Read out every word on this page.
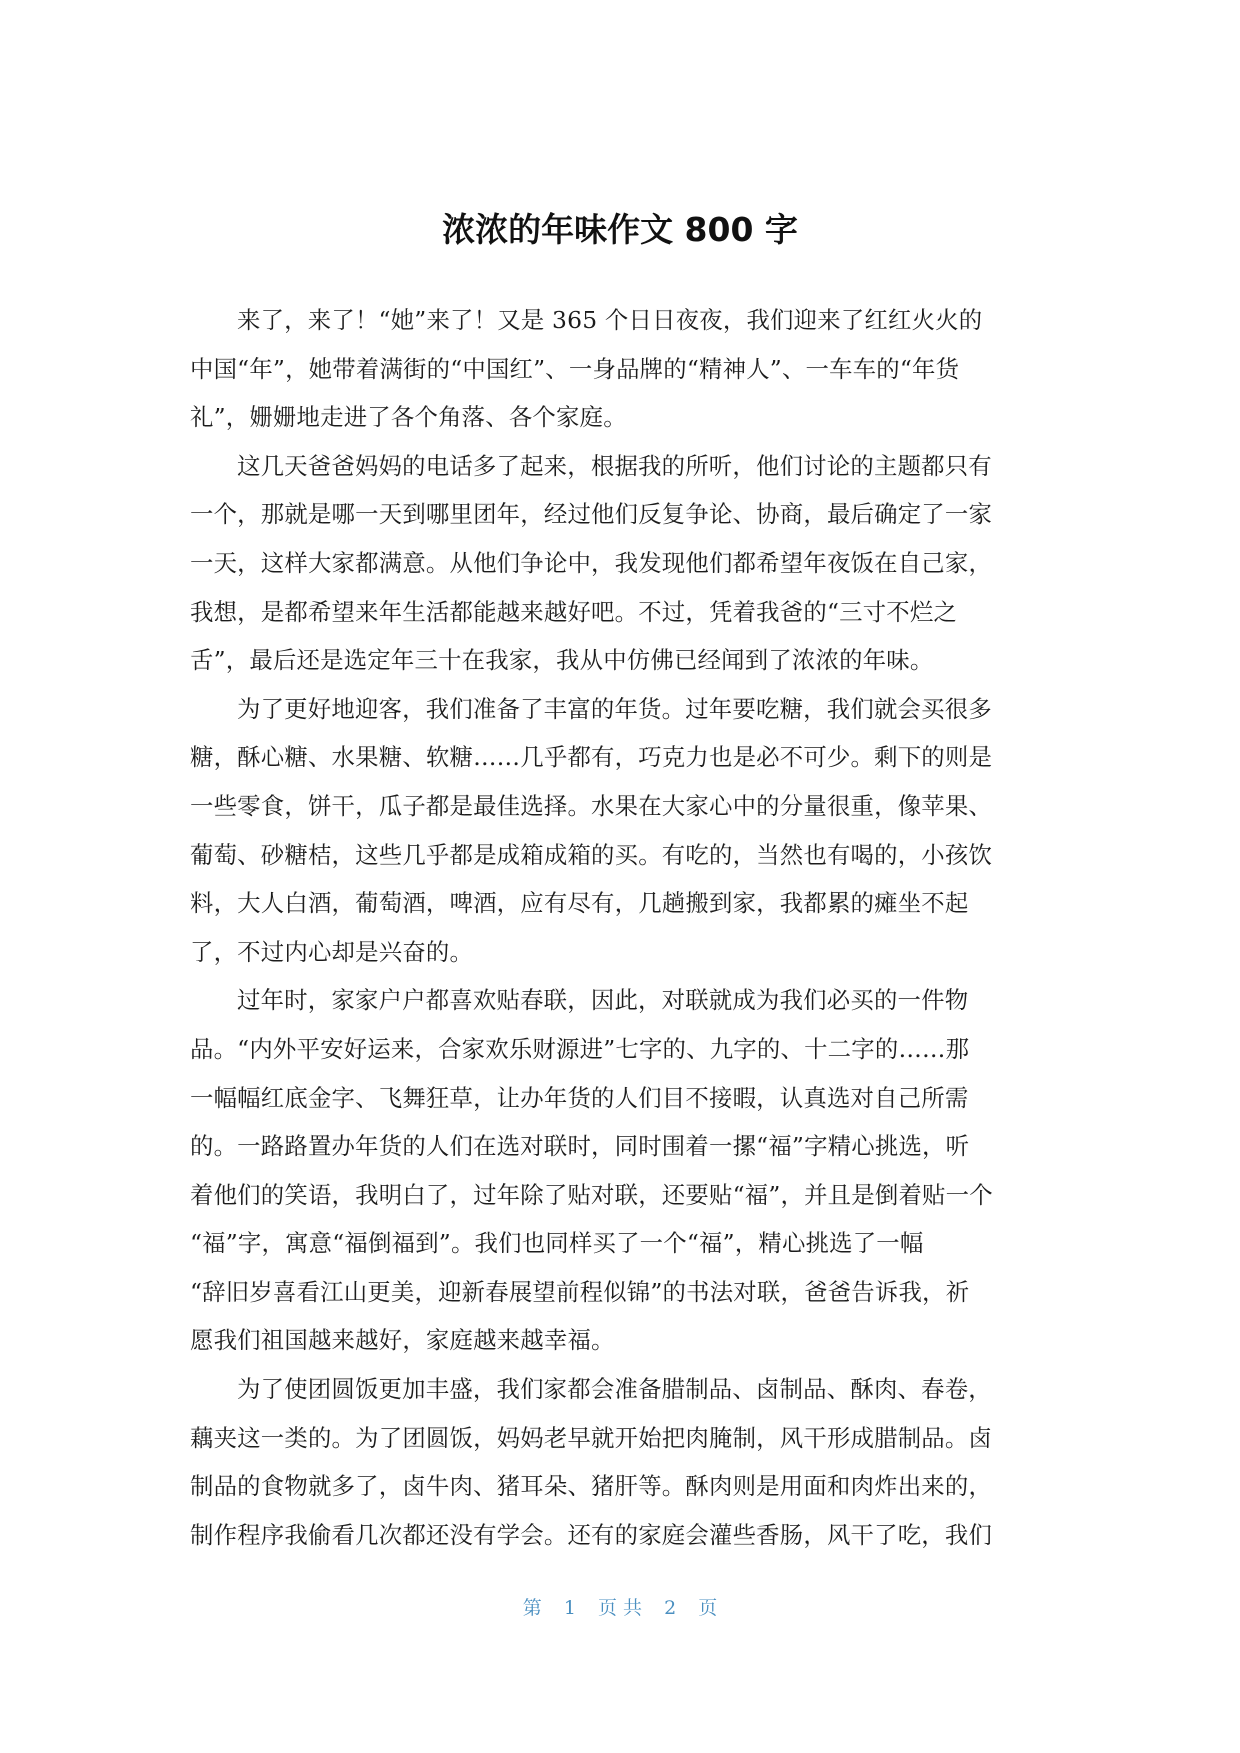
浓浓的年味作文 800 字

来了，来了！“她”来了！又是 365 个日日夜夜，我们迎来了红红火火的
中国“年”，她带着满街的“中国红”、一身品牌的“精神人”、一车车的“年货
礼”，姗姗地走进了各个角落、各个家庭。

这几天爸爸妈妈的电话多了起来，根据我的所听，他们讨论的主题都只有
一个，那就是哪一天到哪里团年，经过他们反复争论、协商，最后确定了一家
一天，这样大家都满意。从他们争论中，我发现他们都希望年夜饭在自己家，
我想，是都希望来年生活都能越来越好吧。不过，凭着我爸的“三寸不烂之
舌”，最后还是选定年三十在我家，我从中仿佛已经闻到了浓浓的年味。

为了更好地迎客，我们准备了丰富的年货。过年要吃糖，我们就会买很多
糖，酥心糖、水果糖、软糖……几乎都有，巧克力也是必不可少。剩下的则是
一些零食，饼干，瓜子都是最佳选择。水果在大家心中的分量很重，像苹果、
葡萄、砂糖桔，这些几乎都是成箱成箱的买。有吃的，当然也有喝的，小孩饮
料，大人白酒，葡萄酒，啤酒，应有尽有，几趟搬到家，我都累的瘫坐不起
了，不过内心却是兴奋的。

过年时，家家户户都喜欢贴春联，因此，对联就成为我们必买的一件物
品。“内外平安好运来，合家欢乐财源进”七字的、九字的、十二字的……那
一幅幅红底金字、飞舞狂草，让办年货的人们目不接暇，认真选对自己所需
的。一路路置办年货的人们在选对联时，同时围着一摞“福”字精心挑选，听
着他们的笑语，我明白了，过年除了贴对联，还要贴“福”，并且是倒着贴一个
“福”字，寓意“福倒福到”。我们也同样买了一个“福”，精心挑选了一幅
“辞旧岁喜看江山更美，迎新春展望前程似锦”的书法对联，爸爸告诉我，祈
愿我们祖国越来越好，家庭越来越幸福。

为了使团圆饭更加丰盛，我们家都会准备腊制品、卤制品、酥肉、春卷，
藕夹这一类的。为了团圆饭，妈妈老早就开始把肉腌制，风干形成腊制品。卤
制品的食物就多了，卤牛肉、猪耳朵、猪肝等。酥肉则是用面和肉炸出来的，
制作程序我偷看几次都还没有学会。还有的家庭会灌些香肠，风干了吃，我们

第 1 页 共 2 页
